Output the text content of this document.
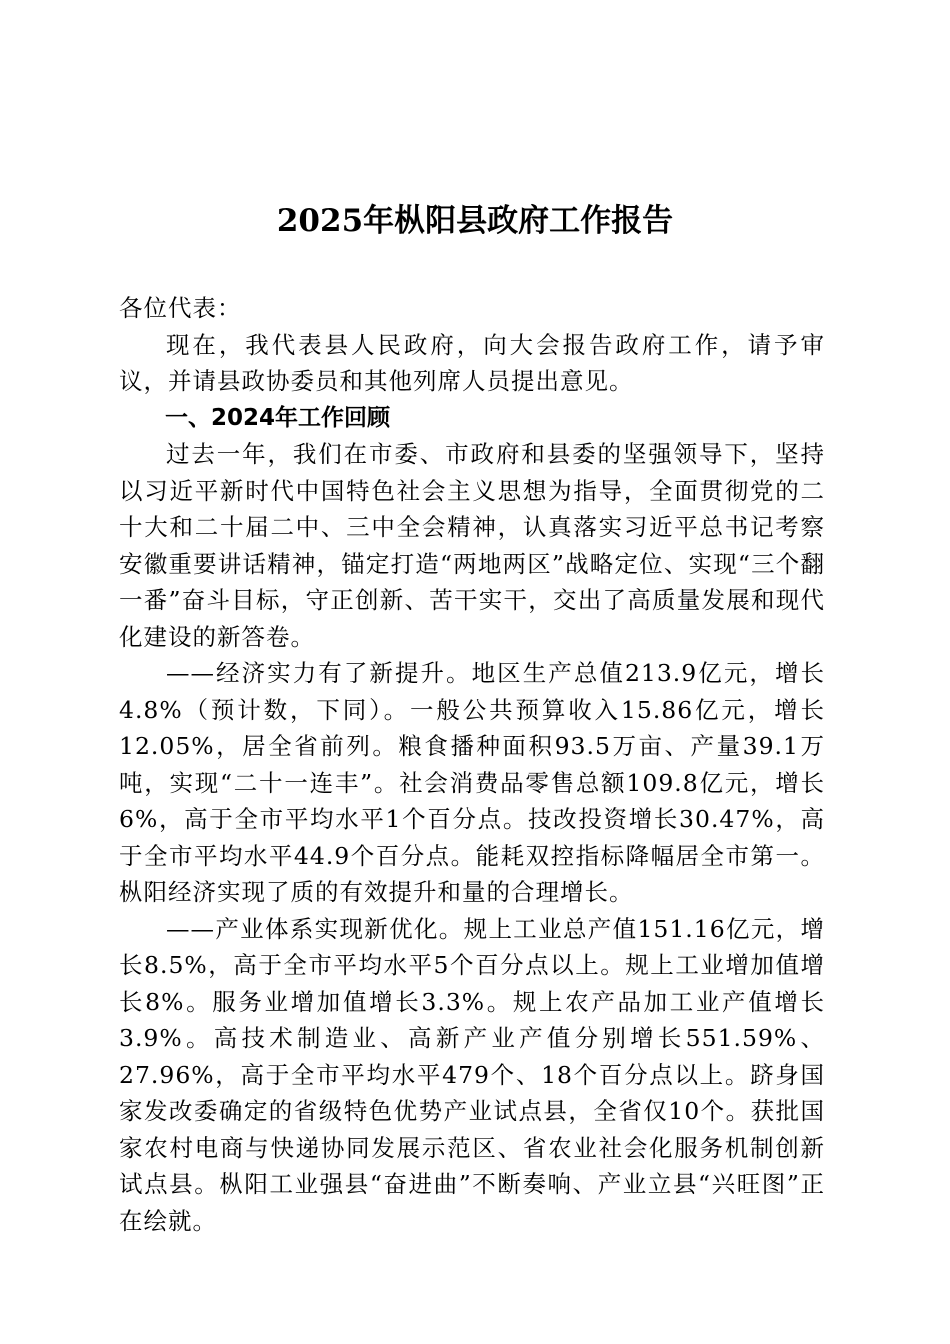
2025年枞阳县政府工作报告

各位代表：

现在，我代表县人民政府，向大会报告政府工作，请予审议，并请县政协委员和其他列席人员提出意见。

一、2024年工作回顾

过去一年，我们在市委、市政府和县委的坚强领导下，坚持以习近平新时代中国特色社会主义思想为指导，全面贯彻党的二十大和二十届二中、三中全会精神，认真落实习近平总书记考察安徽重要讲话精神，锚定打造“两地两区”战略定位、实现“三个翻一番”奋斗目标，守正创新、苦干实干，交出了高质量发展和现代化建设的新答卷。

——经济实力有了新提升。地区生产总值213.9亿元，增长4.8%（预计数，下同）。一般公共预算收入15.86亿元，增长12.05%，居全省前列。粮食播种面积93.5万亩、产量39.1万吨，实现“二十一连丰”。社会消费品零售总额109.8亿元，增长6%，高于全市平均水平1个百分点。技改投资增长30.47%，高于全市平均水平44.9个百分点。能耗双控指标降幅居全市第一。枞阳经济实现了质的有效提升和量的合理增长。

——产业体系实现新优化。规上工业总产值151.16亿元，增长8.5%，高于全市平均水平5个百分点以上。规上工业增加值增长8%。服务业增加值增长3.3%。规上农产品加工业产值增长3.9%。高技术制造业、高新产业产值分别增长551.59%、27.96%，高于全市平均水平479个、18个百分点以上。跻身国家发改委确定的省级特色优势产业试点县，全省仅10个。获批国家农村电商与快递协同发展示范区、省农业社会化服务机制创新试点县。枞阳工业强县“奋进曲”不断奏响、产业立县“兴旺图”正在绘就。
